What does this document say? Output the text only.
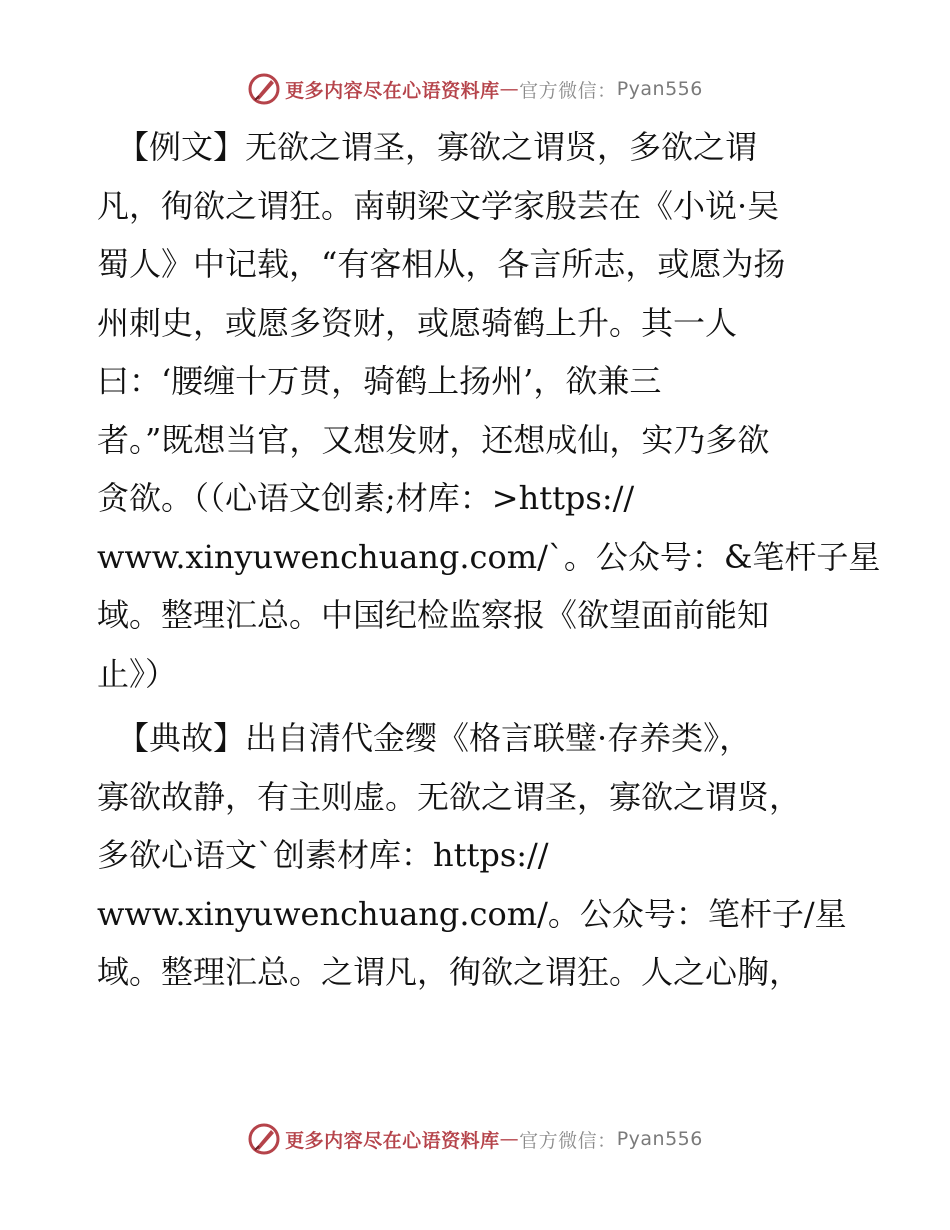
更多内容尽在心语资料库 — 官方微信： Pyan556

【例文】无欲之谓圣，寡欲之谓贤，多欲之谓
凡，徇欲之谓狂。南朝梁文学家殷芸在《小说·吴
蜀人》中记载，“有客相从，各言所志，或愿为扬
州刺史，或愿多资财，或愿骑鹤上升。其一人
曰：‘腰缠十万贯，骑鹤上扬州’，欲兼三
者。”既想当官，又想发财，还想成仙，实乃多欲
贪欲。（（心语文创素;材库：>https://
www.xinyuwenchuang.com/`。公众号：&笔杆子星
域。整理汇总。中国纪检监察报《欲望面前能知
止》）

【典故】出自清代金缨《格言联璧·存养类》，
寡欲故静，有主则虚。无欲之谓圣，寡欲之谓贤，
多欲心语文`创素材库：https://
www.xinyuwenchuang.com/。公众号：笔杆子/星
域。整理汇总。之谓凡，徇欲之谓狂。人之心胸，

更多内容尽在心语资料库 — 官方微信： Pyan556
